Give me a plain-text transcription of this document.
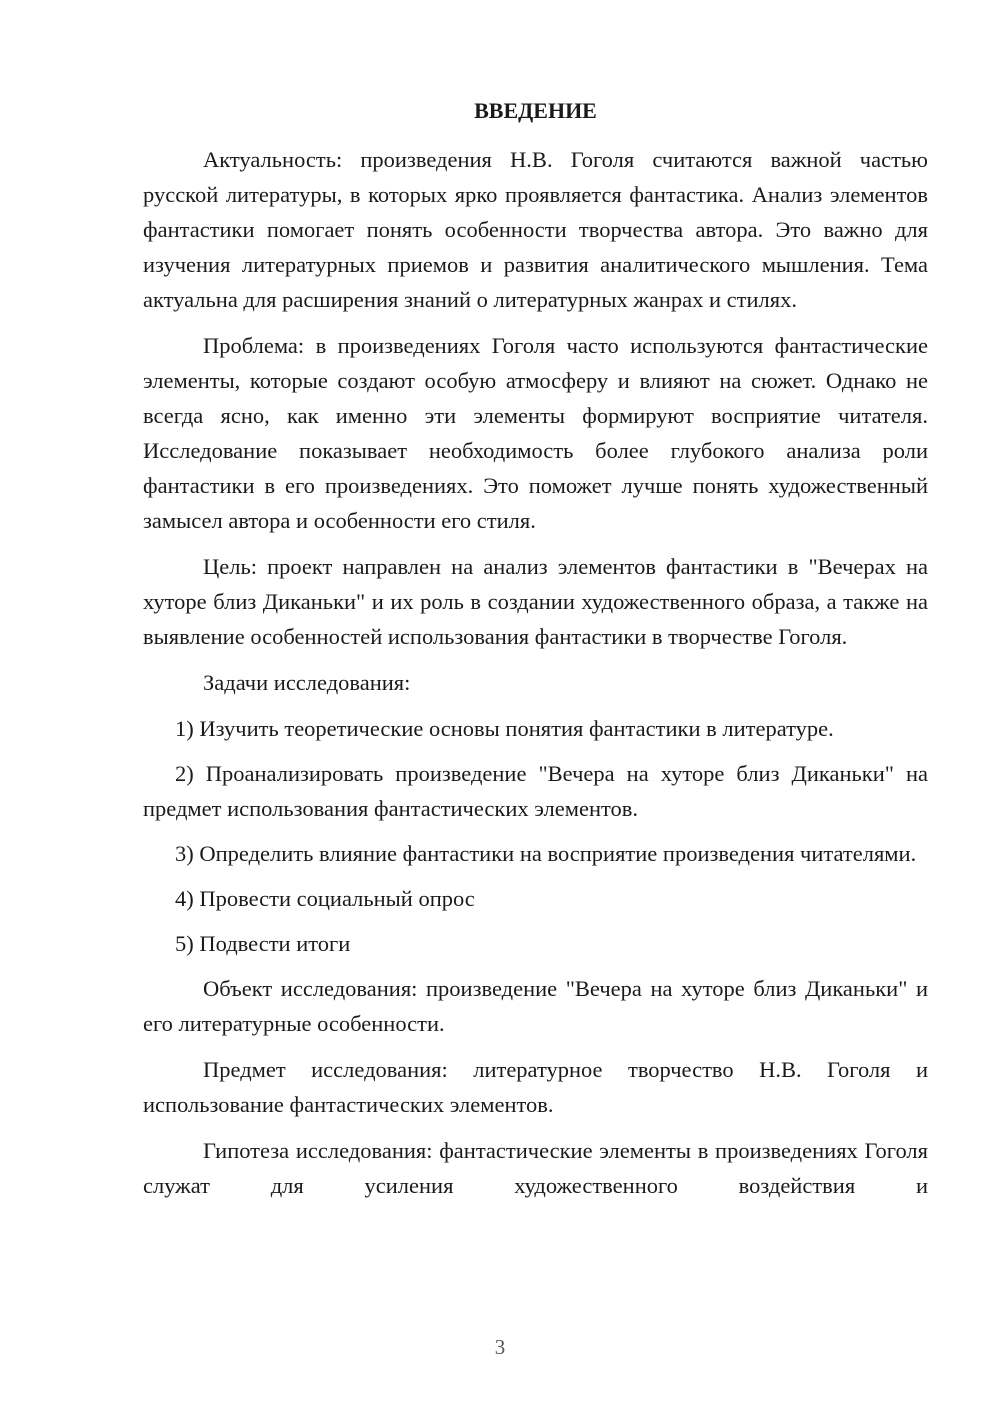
ВВЕДЕНИЕ

Актуальность: произведения Н.В. Гоголя считаются важной частью русской литературы, в которых ярко проявляется фантастика. Анализ элементов фантастики помогает понять особенности творчества автора. Это важно для изучения литературных приемов и развития аналитического мышления. Тема актуальна для расширения знаний о литературных жанрах и стилях.

Проблема: в произведениях Гоголя часто используются фантастические элементы, которые создают особую атмосферу и влияют на сюжет. Однако не всегда ясно, как именно эти элементы формируют восприятие читателя. Исследование показывает необходимость более глубокого анализа роли фантастики в его произведениях. Это поможет лучше понять художественный замысел автора и особенности его стиля.

Цель: проект направлен на анализ элементов фантастики в "Вечерах на хуторе близ Диканьки" и их роль в создании художественного образа, а также на выявление особенностей использования фантастики в творчестве Гоголя.

Задачи исследования:

1) Изучить теоретические основы понятия фантастики в литературе.

2) Проанализировать произведение "Вечера на хуторе близ Диканьки" на предмет использования фантастических элементов.

3) Определить влияние фантастики на восприятие произведения читателями.

4) Провести социальный опрос

5) Подвести итоги

Объект исследования: произведение "Вечера на хуторе близ Диканьки" и его литературные особенности.

Предмет исследования: литературное творчество Н.В. Гоголя и использование фантастических элементов.

Гипотеза исследования: фантастические элементы в произведениях Гоголя служат для усиления художественного воздействия и

3
